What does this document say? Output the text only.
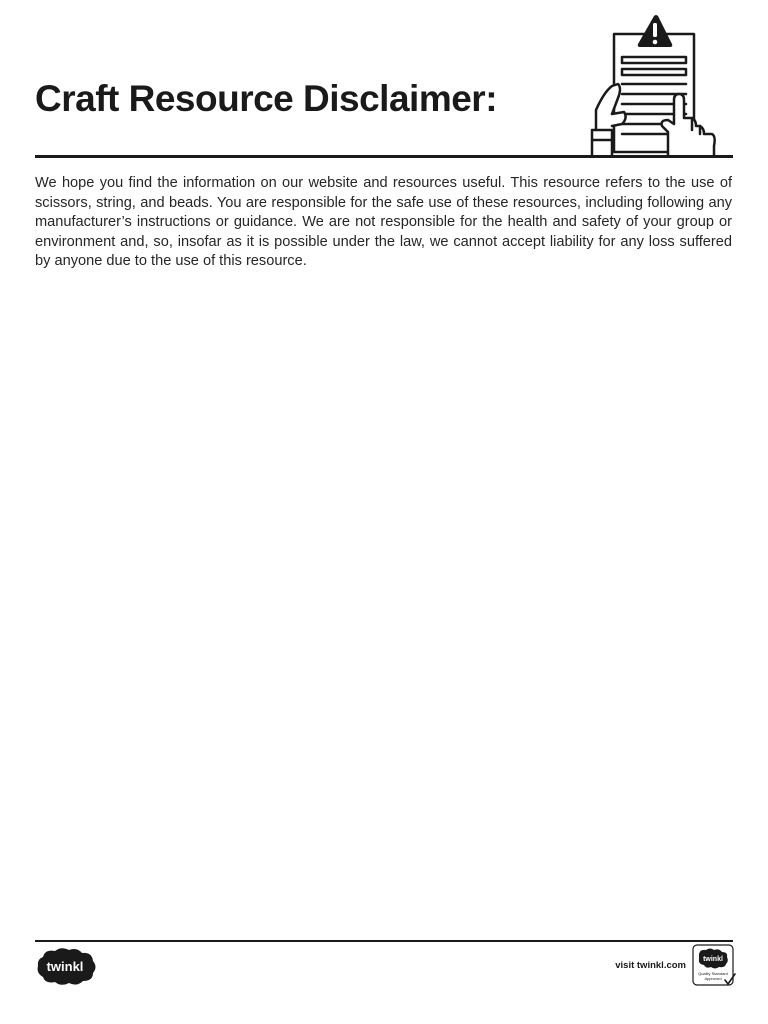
Craft Resource Disclaimer:

We hope you find the information on our website and resources useful. This resource refers to the use of scissors, string, and beads. You are responsible for the safe use of these resources, including following any manufacturer’s instructions or guidance. We are not responsible for the health and safety of your group or environment and, so, insofar as it is possible under the law, we cannot accept liability for any loss suffered by anyone due to the use of this resource.

twinkl	visit twinkl.com
twinkl
Quality Standard
Approved
